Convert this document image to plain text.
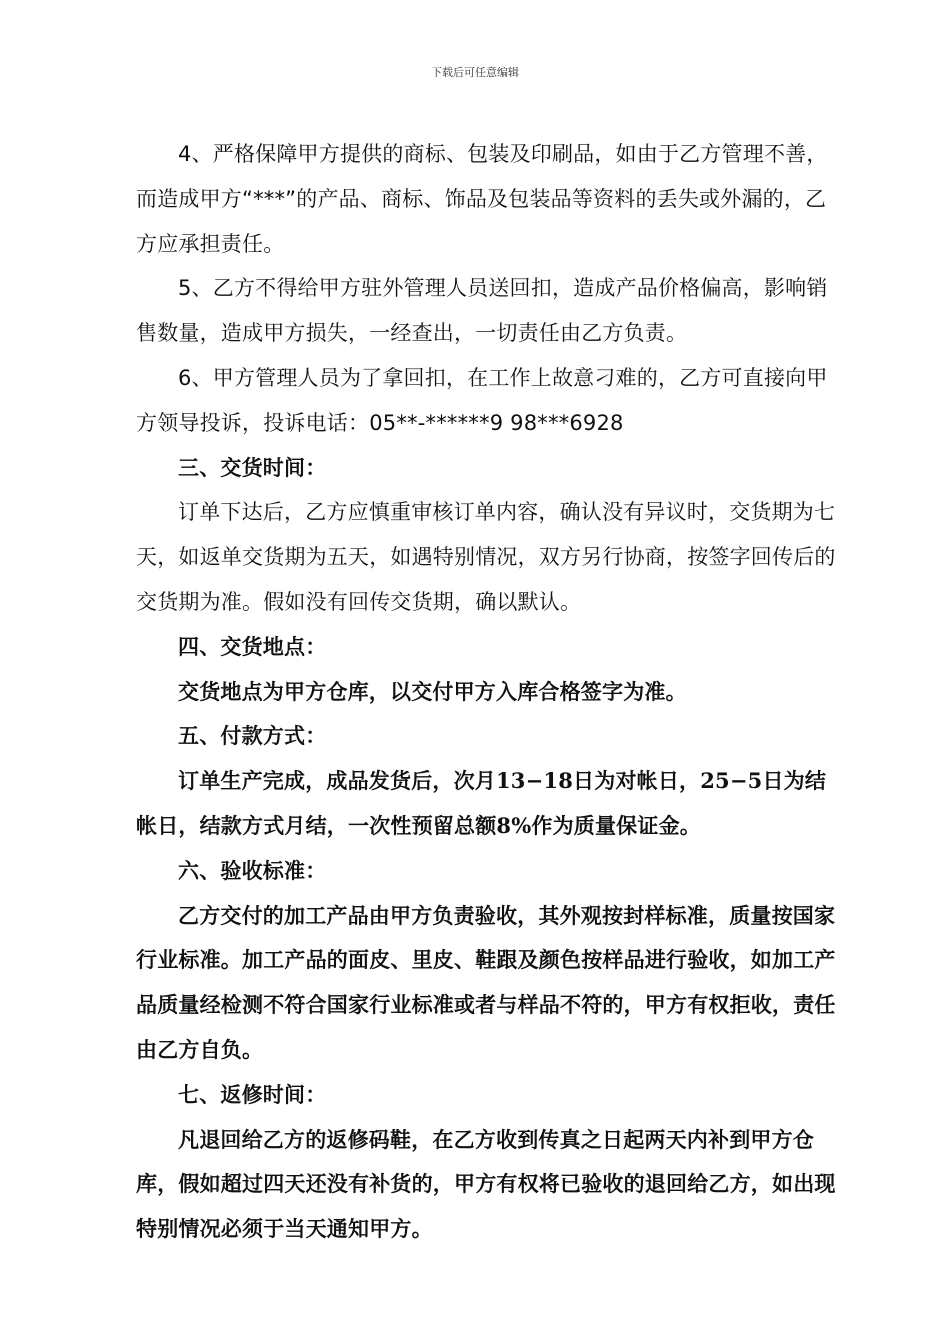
下载后可任意编辑

4、严格保障甲方提供的商标、包装及印刷品，如由于乙方管理不善，而造成甲方“***”的产品、商标、饰品及包装品等资料的丢失或外漏的，乙方应承担责任。

5、乙方不得给甲方驻外管理人员送回扣，造成产品价格偏高，影响销售数量，造成甲方损失，一经查出，一切责任由乙方负责。

6、甲方管理人员为了拿回扣，在工作上故意刁难的，乙方可直接向甲方领导投诉，投诉电话：05**-******9 98***6928

三、交货时间：

订单下达后，乙方应慎重审核订单内容，确认没有异议时，交货期为七天，如返单交货期为五天，如遇特别情况，双方另行协商，按签字回传后的交货期为准。假如没有回传交货期，确以默认。

四、交货地点：

交货地点为甲方仓库，以交付甲方入库合格签字为准。

五、付款方式：

订单生产完成，成品发货后，次月13−18日为对帐日，25−5日为结帐日，结款方式月结，一次性预留总额8%作为质量保证金。

六、验收标准：

乙方交付的加工产品由甲方负责验收，其外观按封样标准，质量按国家行业标准。加工产品的面皮、里皮、鞋跟及颜色按样品进行验收，如加工产品质量经检测不符合国家行业标准或者与样品不符的，甲方有权拒收，责任由乙方自负。

七、返修时间：

凡退回给乙方的返修码鞋，在乙方收到传真之日起两天内补到甲方仓库，假如超过四天还没有补货的，甲方有权将已验收的退回给乙方，如出现特别情况必须于当天通知甲方。
